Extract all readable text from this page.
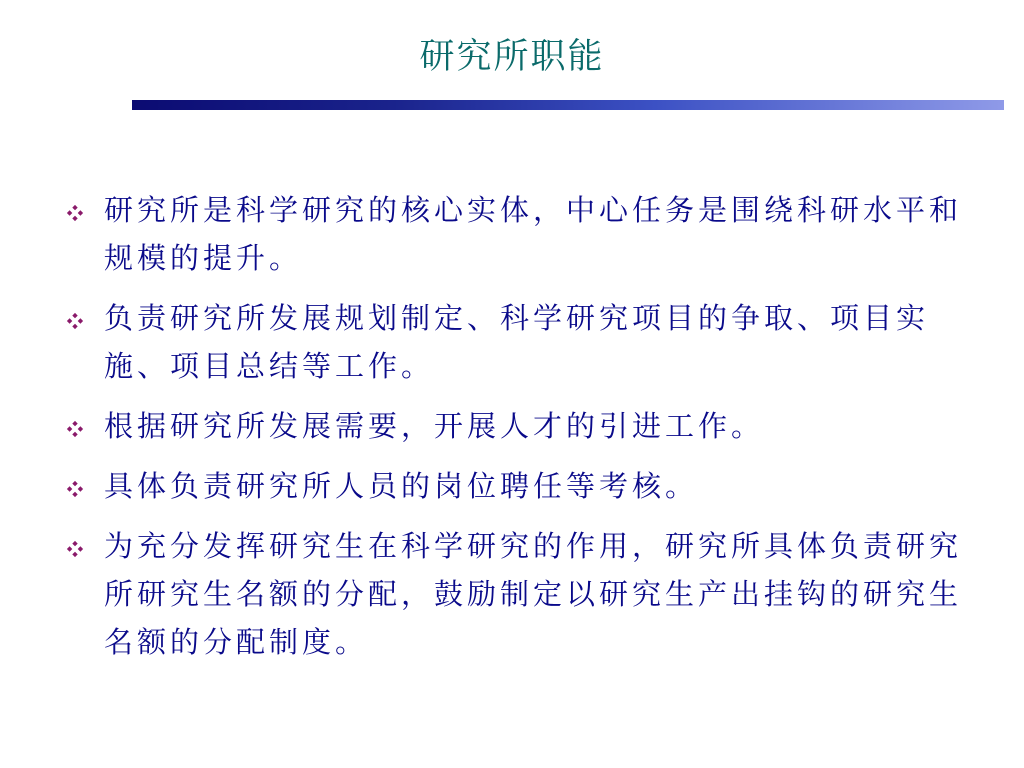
研究所职能
研究所是科学研究的核心实体，中心任务是围绕科研水平和规模的提升。
负责研究所发展规划制定、科学研究项目的争取、项目实施、项目总结等工作。
根据研究所发展需要，开展人才的引进工作。
具体负责研究所人员的岗位聘任等考核。
为充分发挥研究生在科学研究的作用，研究所具体负责研究所研究生名额的分配，鼓励制定以研究生产出挂钩的研究生名额的分配制度。
